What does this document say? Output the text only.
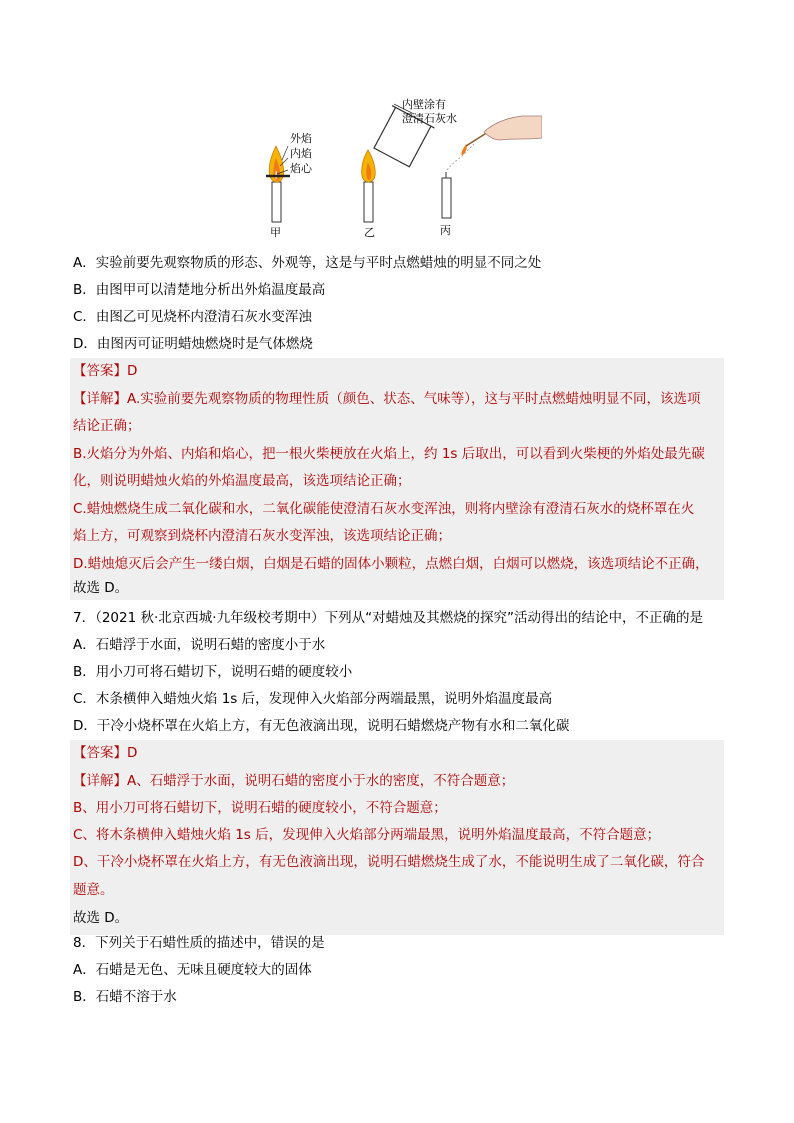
外焰
内焰
焰心
甲
内壁涂有
澄清石灰水
乙	丙
A．实验前要先观察物质的形态、外观等，这是与平时点燃蜡烛的明显不同之处
B．由图甲可以清楚地分析出外焰温度最高
C．由图乙可见烧杯内澄清石灰水变浑浊
D．由图丙可证明蜡烛燃烧时是气体燃烧
【答案】D
【详解】A.实验前要先观察物质的物理性质（颜色、状态、气味等），这与平时点燃蜡烛明显不同，该选项
结论正确；
B.火焰分为外焰、内焰和焰心，把一根火柴梗放在火焰上，约 1s 后取出，可以看到火柴梗的外焰处最先碳
化，则说明蜡烛火焰的外焰温度最高，该选项结论正确；
C.蜡烛燃烧生成二氧化碳和水，二氧化碳能使澄清石灰水变浑浊，则将内壁涂有澄清石灰水的烧杯罩在火
焰上方，可观察到烧杯内澄清石灰水变浑浊，该选项结论正确；
D.蜡烛熄灭后会产生一缕白烟，白烟是石蜡的固体小颗粒，点燃白烟，白烟可以燃烧，该选项结论不正确，
故选 D。
7．（2021 秋·北京西城·九年级校考期中）下列从“对蜡烛及其燃烧的探究”活动得出的结论中，不正确的是
A．石蜡浮于水面，说明石蜡的密度小于水
B．用小刀可将石蜡切下，说明石蜡的硬度较小
C．木条横伸入蜡烛火焰 1s 后，发现伸入火焰部分两端最黑，说明外焰温度最高
D．干冷小烧杯罩在火焰上方，有无色液滴出现，说明石蜡燃烧产物有水和二氧化碳
【答案】D
【详解】A、石蜡浮于水面，说明石蜡的密度小于水的密度，不符合题意；
B、用小刀可将石蜡切下，说明石蜡的硬度较小，不符合题意；
C、将木条横伸入蜡烛火焰 1s 后，发现伸入火焰部分两端最黑，说明外焰温度最高，不符合题意；
D、干冷小烧杯罩在火焰上方，有无色液滴出现，说明石蜡燃烧生成了水，不能说明生成了二氧化碳，符合
题意。
故选 D。
8．下列关于石蜡性质的描述中，错误的是
A．石蜡是无色、无味且硬度较大的固体
B．石蜡不溶于水
